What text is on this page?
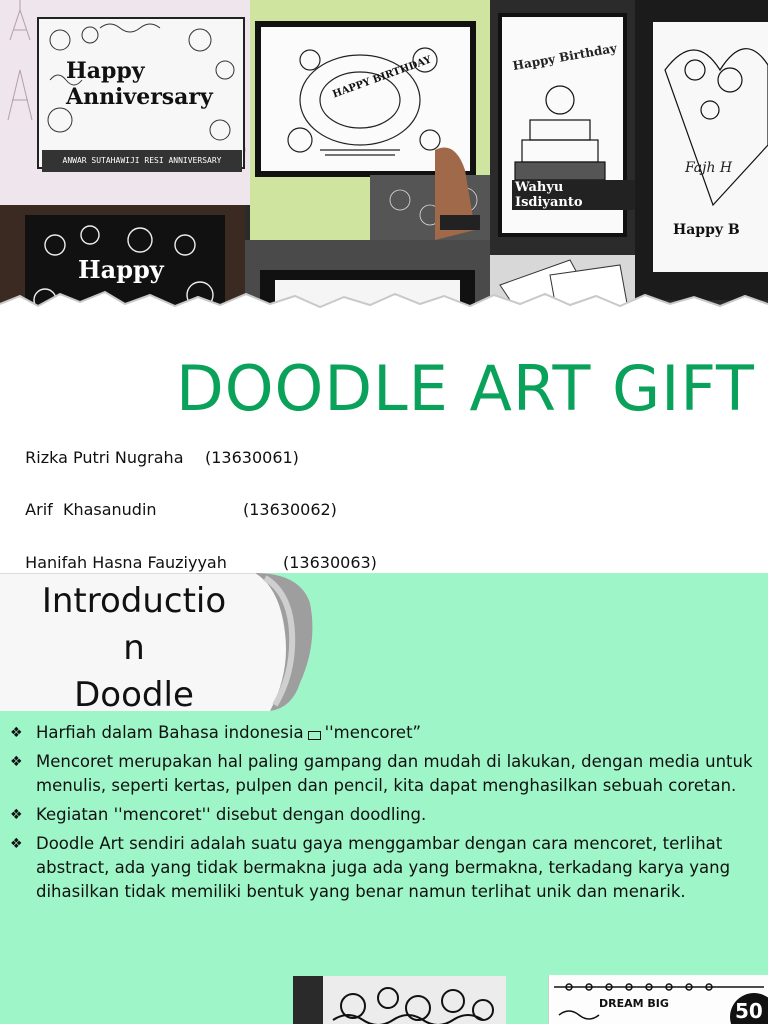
Happy Anniversary
ANWAR SUTAHAWIJI RESI ANNIVERSARY
HAPPY BIRTHDAY	Happy Birthday
Wahyu Isdiyanto
Fajh H
Happy B
Happy
DOODLE ART GIFT

Rizka Putri Nugraha (13630061)

Arif  Khasanudin	(13630062)

Hanifah Hasna Fauziyyah	(13630063)

Introductio
n
Doodle
❖ Harfiah dalam Bahasa indonesia ''mencoret”
❖ Mencoret merupakan hal paling gampang dan mudah di lakukan, dengan media untuk menulis, seperti kertas, pulpen dan pencil, kita dapat menghasilkan sebuah coretan.
❖ Kegiatan ''mencoret'' disebut dengan doodling.
❖ Doodle Art sendiri adalah suatu gaya menggambar dengan cara mencoret, terlihat abstract, ada yang tidak bermakna juga ada yang bermakna, terkadang karya yang dihasilkan tidak memiliki bentuk yang benar namun terlihat unik dan menarik.
DREAM BIG	50
